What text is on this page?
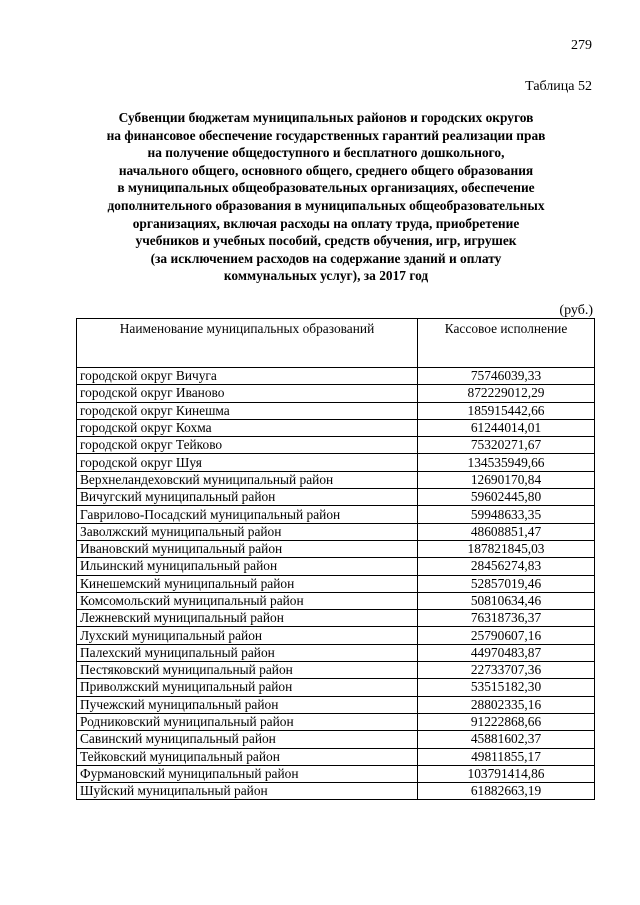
279
Таблица 52
Субвенции бюджетам муниципальных районов и городских округов
на финансовое обеспечение государственных гарантий реализации прав
на получение общедоступного и бесплатного дошкольного,
начального общего, основного общего, среднего общего образования
в муниципальных общеобразовательных организациях, обеспечение
дополнительного образования в муниципальных общеобразовательных
организациях, включая расходы на оплату труда, приобретение
учебников и учебных пособий, средств обучения, игр, игрушек
(за исключением расходов на содержание зданий и оплату
коммунальных услуг), за 2017 год
(руб.)
Наименование муниципальных образований	Кассовое исполнение
городской округ Вичуга	75746039,33
городской округ Иваново	872229012,29
городской округ Кинешма	185915442,66
городской округ Кохма	61244014,01
городской округ Тейково	75320271,67
городской округ Шуя	134535949,66
Верхнеландеховский муниципальный район	12690170,84
Вичугский муниципальный район	59602445,80
Гаврилово-Посадский муниципальный район	59948633,35
Заволжский муниципальный район	48608851,47
Ивановский муниципальный район	187821845,03
Ильинский муниципальный район	28456274,83
Кинешемский муниципальный район	52857019,46
Комсомольский муниципальный район	50810634,46
Лежневский муниципальный район	76318736,37
Лухский муниципальный район	25790607,16
Палехский муниципальный район	44970483,87
Пестяковский муниципальный район	22733707,36
Приволжский муниципальный район	53515182,30
Пучежский муниципальный район	28802335,16
Родниковский муниципальный район	91222868,66
Савинский муниципальный район	45881602,37
Тейковский муниципальный район	49811855,17
Фурмановский муниципальный район	103791414,86
Шуйский муниципальный район	61882663,19
